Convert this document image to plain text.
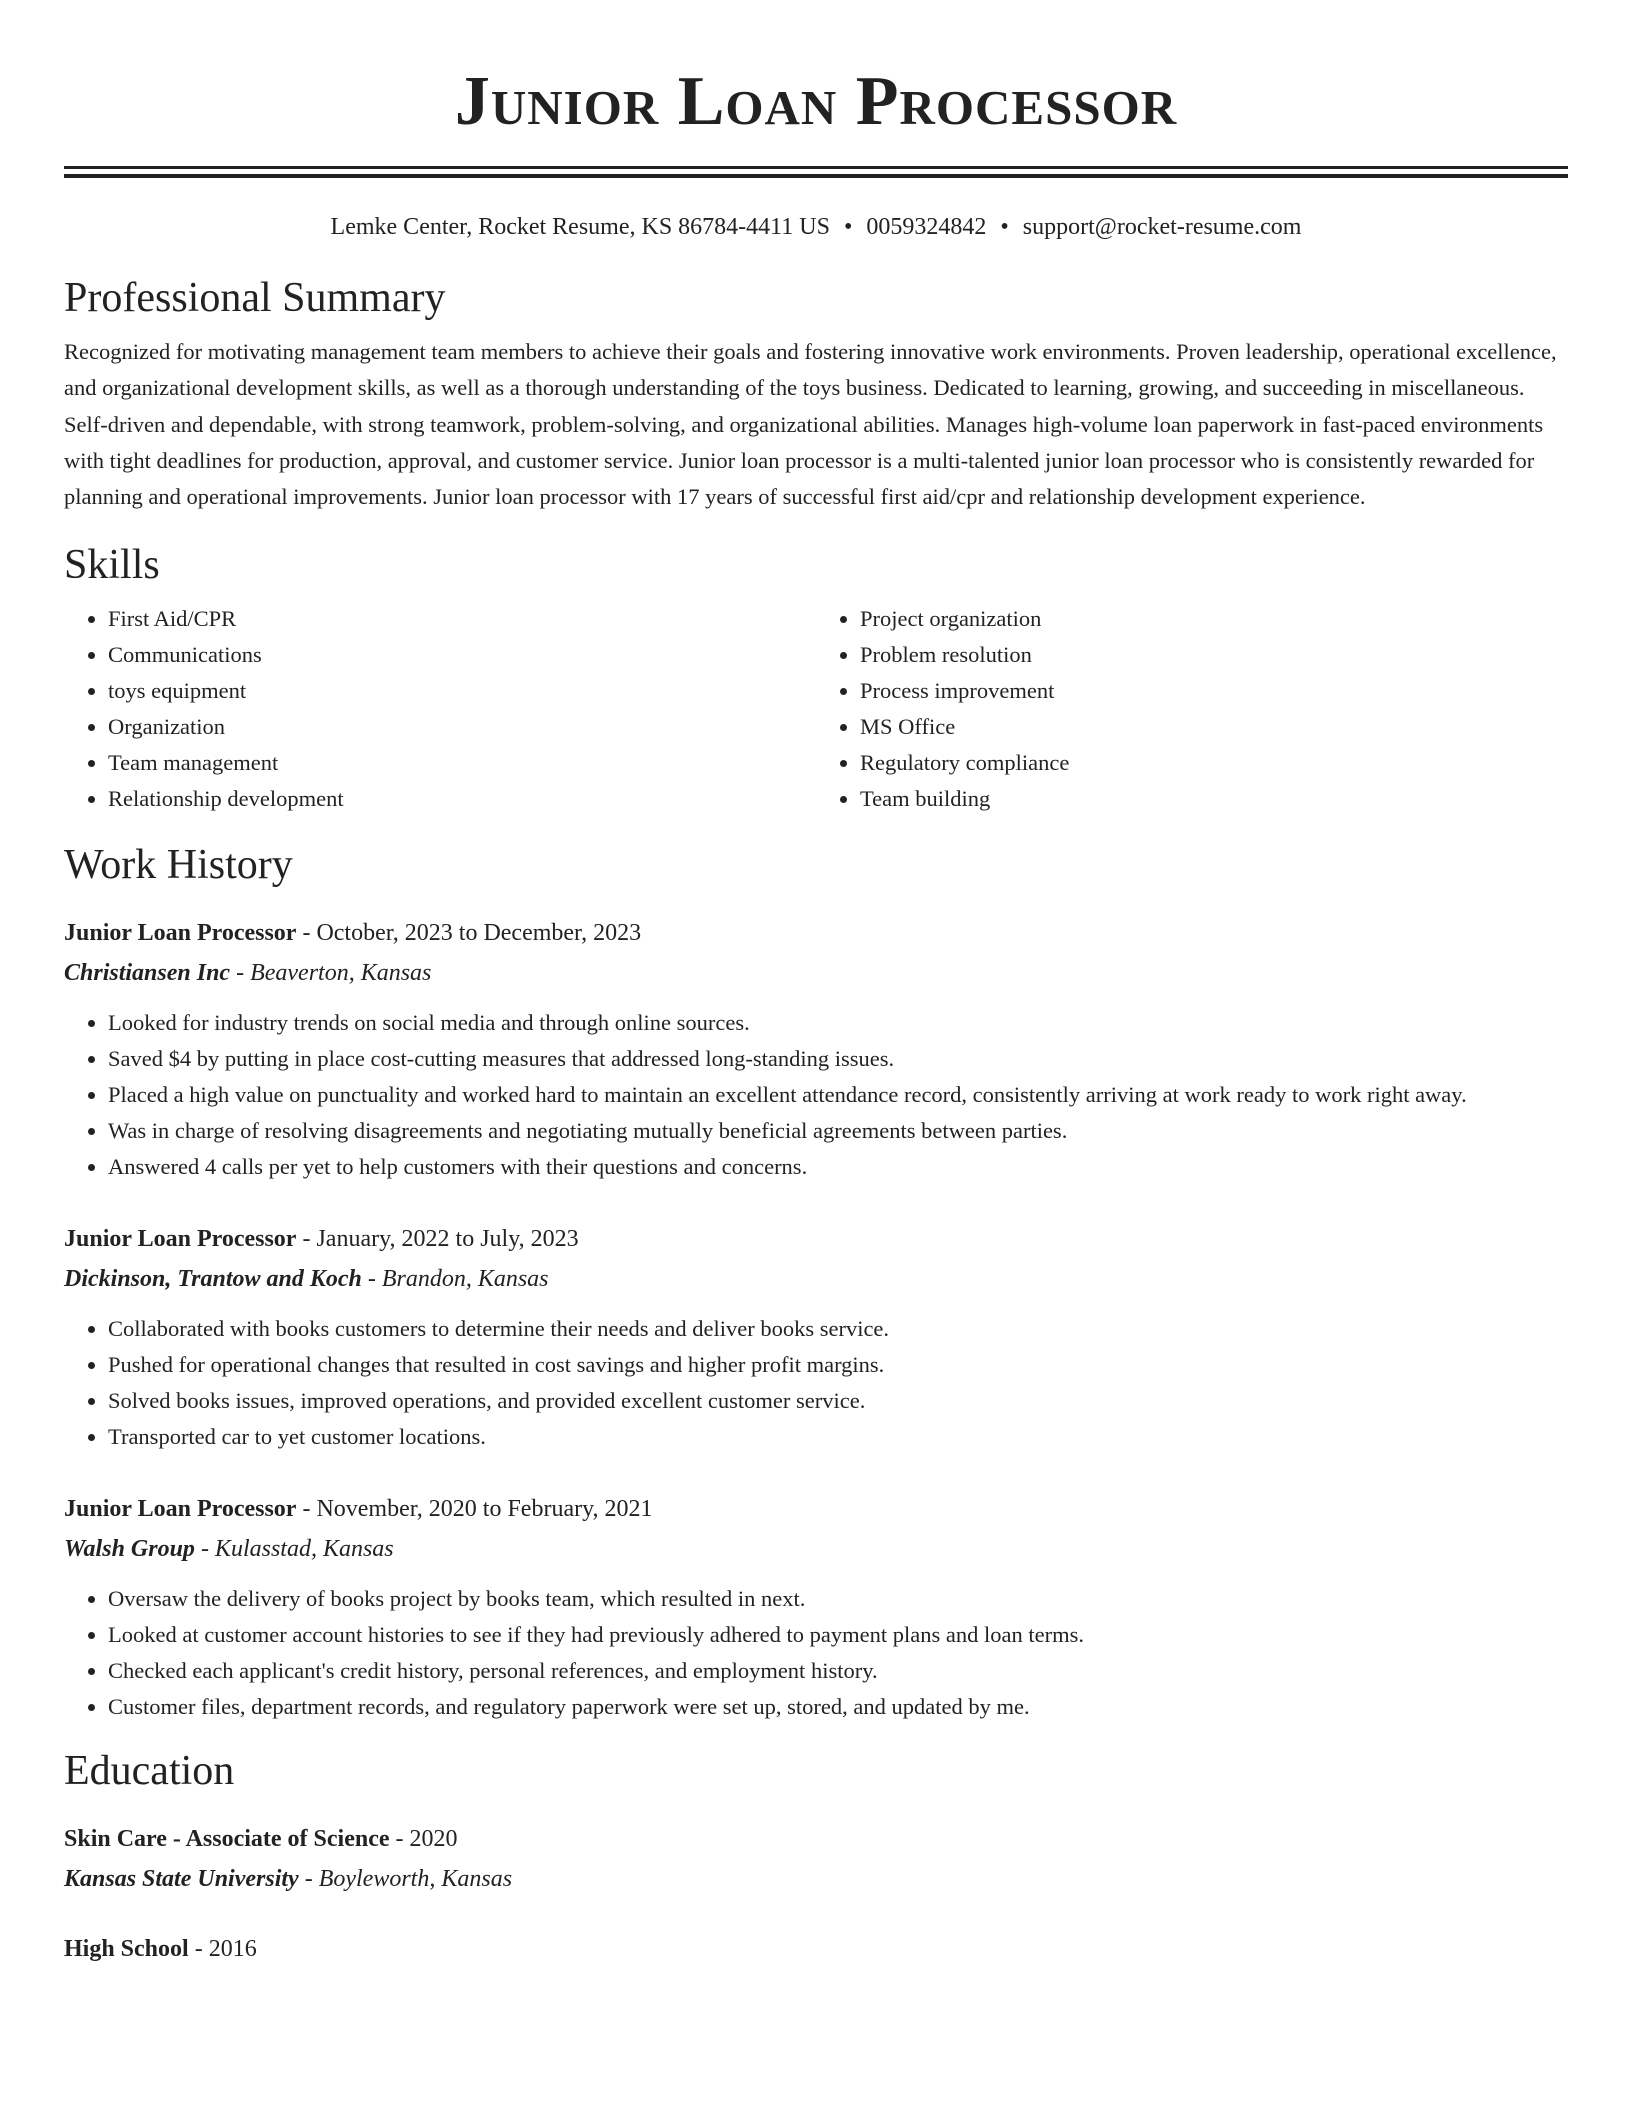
Junior Loan Processor
Lemke Center, Rocket Resume, KS 86784-4411 US • 0059324842 • support@rocket-resume.com
Professional Summary
Recognized for motivating management team members to achieve their goals and fostering innovative work environments. Proven leadership, operational excellence, and organizational development skills, as well as a thorough understanding of the toys business. Dedicated to learning, growing, and succeeding in miscellaneous. Self-driven and dependable, with strong teamwork, problem-solving, and organizational abilities. Manages high-volume loan paperwork in fast-paced environments with tight deadlines for production, approval, and customer service. Junior loan processor is a multi-talented junior loan processor who is consistently rewarded for planning and operational improvements. Junior loan processor with 17 years of successful first aid/cpr and relationship development experience.
Skills
• First Aid/CPR
• Communications
• toys equipment
• Organization
• Team management
• Relationship development
• Project organization
• Problem resolution
• Process improvement
• MS Office
• Regulatory compliance
• Team building
Work History
Junior Loan Processor - October, 2023 to December, 2023
Christiansen Inc - Beaverton, Kansas
• Looked for industry trends on social media and through online sources.
• Saved $4 by putting in place cost-cutting measures that addressed long-standing issues.
• Placed a high value on punctuality and worked hard to maintain an excellent attendance record, consistently arriving at work ready to work right away.
• Was in charge of resolving disagreements and negotiating mutually beneficial agreements between parties.
• Answered 4 calls per yet to help customers with their questions and concerns.
Junior Loan Processor - January, 2022 to July, 2023
Dickinson, Trantow and Koch - Brandon, Kansas
• Collaborated with books customers to determine their needs and deliver books service.
• Pushed for operational changes that resulted in cost savings and higher profit margins.
• Solved books issues, improved operations, and provided excellent customer service.
• Transported car to yet customer locations.
Junior Loan Processor - November, 2020 to February, 2021
Walsh Group - Kulasstad, Kansas
• Oversaw the delivery of books project by books team, which resulted in next.
• Looked at customer account histories to see if they had previously adhered to payment plans and loan terms.
• Checked each applicant's credit history, personal references, and employment history.
• Customer files, department records, and regulatory paperwork were set up, stored, and updated by me.
Education
Skin Care - Associate of Science - 2020
Kansas State University - Boyleworth, Kansas
High School - 2016
